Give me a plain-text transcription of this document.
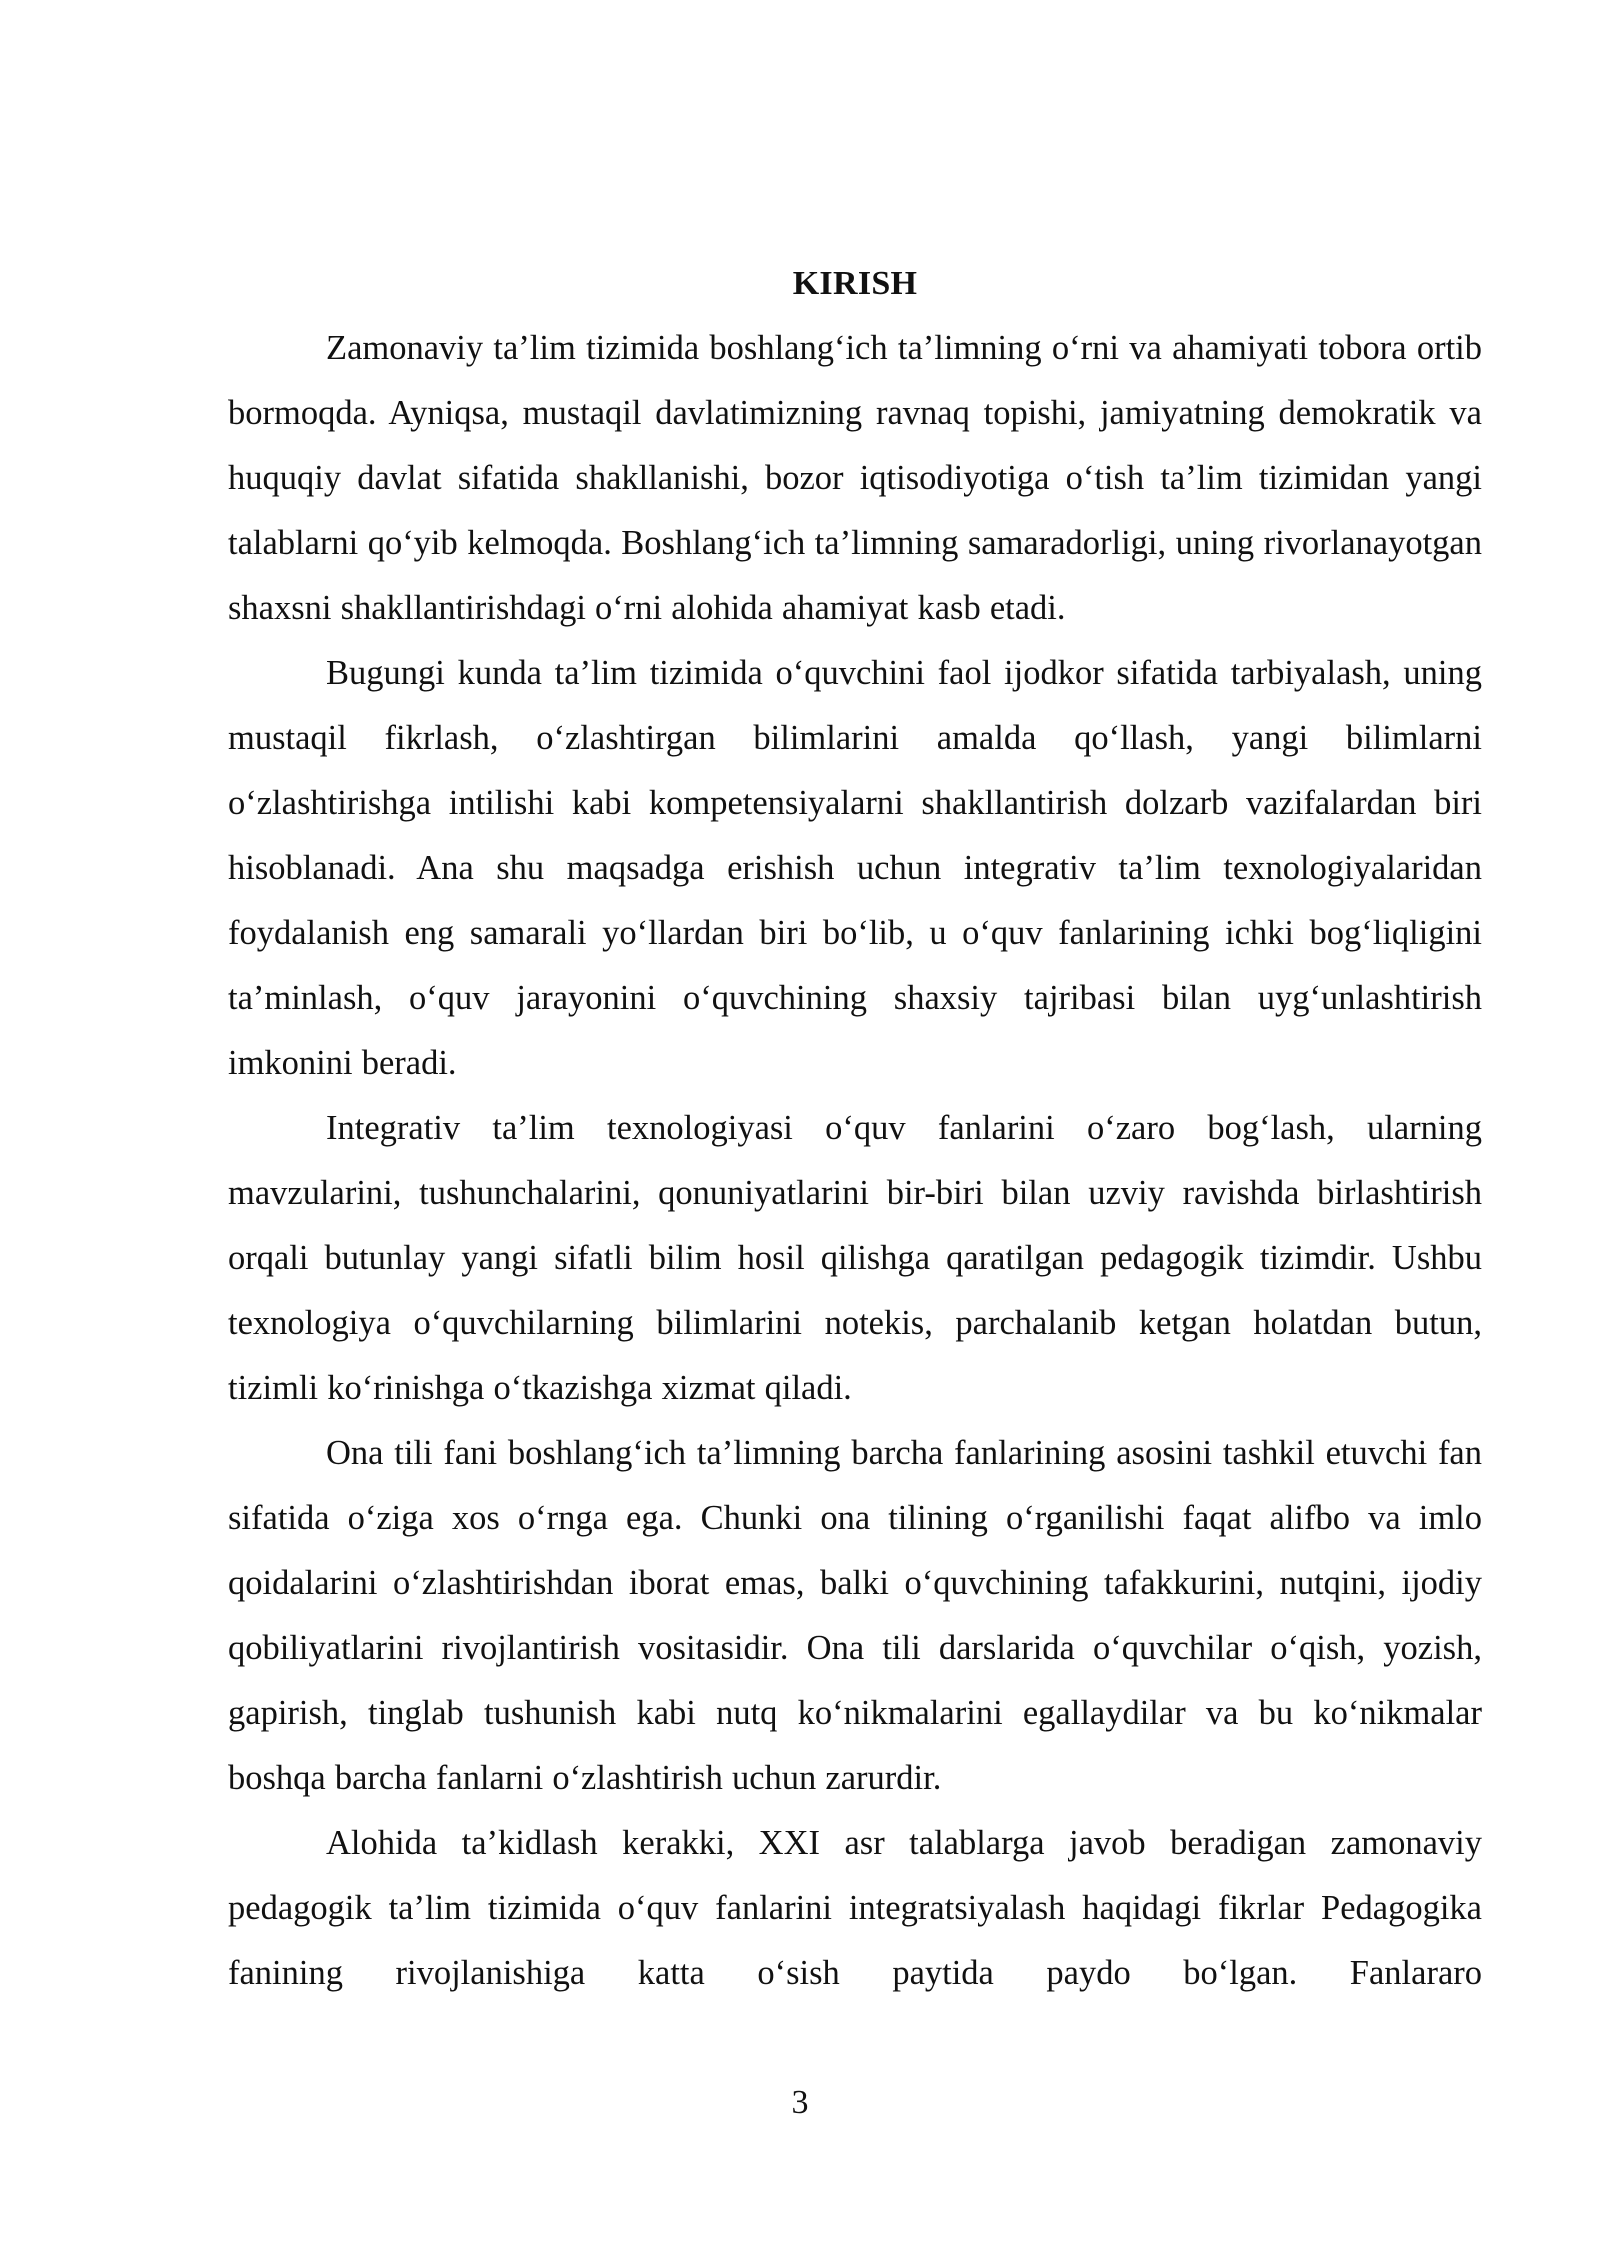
KIRISH

Zamonaviy ta’lim tizimida boshlang‘ich ta’limning o‘rni va ahamiyati tobora ortib bormoqda. Ayniqsa, mustaqil davlatimizning ravnaq topishi, jamiyatning demokratik va huquqiy davlat sifatida shakllanishi, bozor iqtisodiyotiga o‘tish ta’lim tizimidan yangi talablarni qo‘yib kelmoqda. Boshlang‘ich ta’limning samaradorligi, uning rivorlanayotgan shaxsni shakllantirishdagi o‘rni alohida ahamiyat kasb etadi.

Bugungi kunda ta’lim tizimida o‘quvchini faol ijodkor sifatida tarbiyalash, uning mustaqil fikrlash, o‘zlashtirgan bilimlarini amalda qo‘llash, yangi bilimlarni o‘zlashtirishga intilishi kabi kompetensiyalarni shakllantirish dolzarb vazifalardan biri hisoblanadi. Ana shu maqsadga erishish uchun integrativ ta’lim texnologiyalaridan foydalanish eng samarali yo‘llardan biri bo‘lib, u o‘quv fanlarining ichki bog‘liqligini ta’minlash, o‘quv jarayonini o‘quvchining shaxsiy tajribasi bilan uyg‘unlashtirish imkonini beradi.

Integrativ ta’lim texnologiyasi o‘quv fanlarini o‘zaro bog‘lash, ularning mavzularini, tushunchalarini, qonuniyatlarini bir-biri bilan uzviy ravishda birlashtirish orqali butunlay yangi sifatli bilim hosil qilishga qaratilgan pedagogik tizimdir. Ushbu texnologiya o‘quvchilarning bilimlarini notekis, parchalanib ketgan holatdan butun, tizimli ko‘rinishga o‘tkazishga xizmat qiladi.

Ona tili fani boshlang‘ich ta’limning barcha fanlarining asosini tashkil etuvchi fan sifatida o‘ziga xos o‘rnga ega. Chunki ona tilining o‘rganilishi faqat alifbo va imlo qoidalarini o‘zlashtirishdan iborat emas, balki o‘quvchining tafakkurini, nutqini, ijodiy qobiliyatlarini rivojlantirish vositasidir. Ona tili darslarida o‘quvchilar o‘qish, yozish, gapirish, tinglab tushunish kabi nutq ko‘nikmalarini egallaydilar va bu ko‘nikmalar boshqa barcha fanlarni o‘zlashtirish uchun zarurdir.

Alohida ta’kidlash kerakki, XXI asr talablarga javob beradigan zamonaviy pedagogik ta’lim tizimida o‘quv fanlarini integratsiyalash haqidagi fikrlar Pedagogika fanining rivojlanishiga katta o‘sish paytida paydo bo‘lgan. Fanlararo

3
